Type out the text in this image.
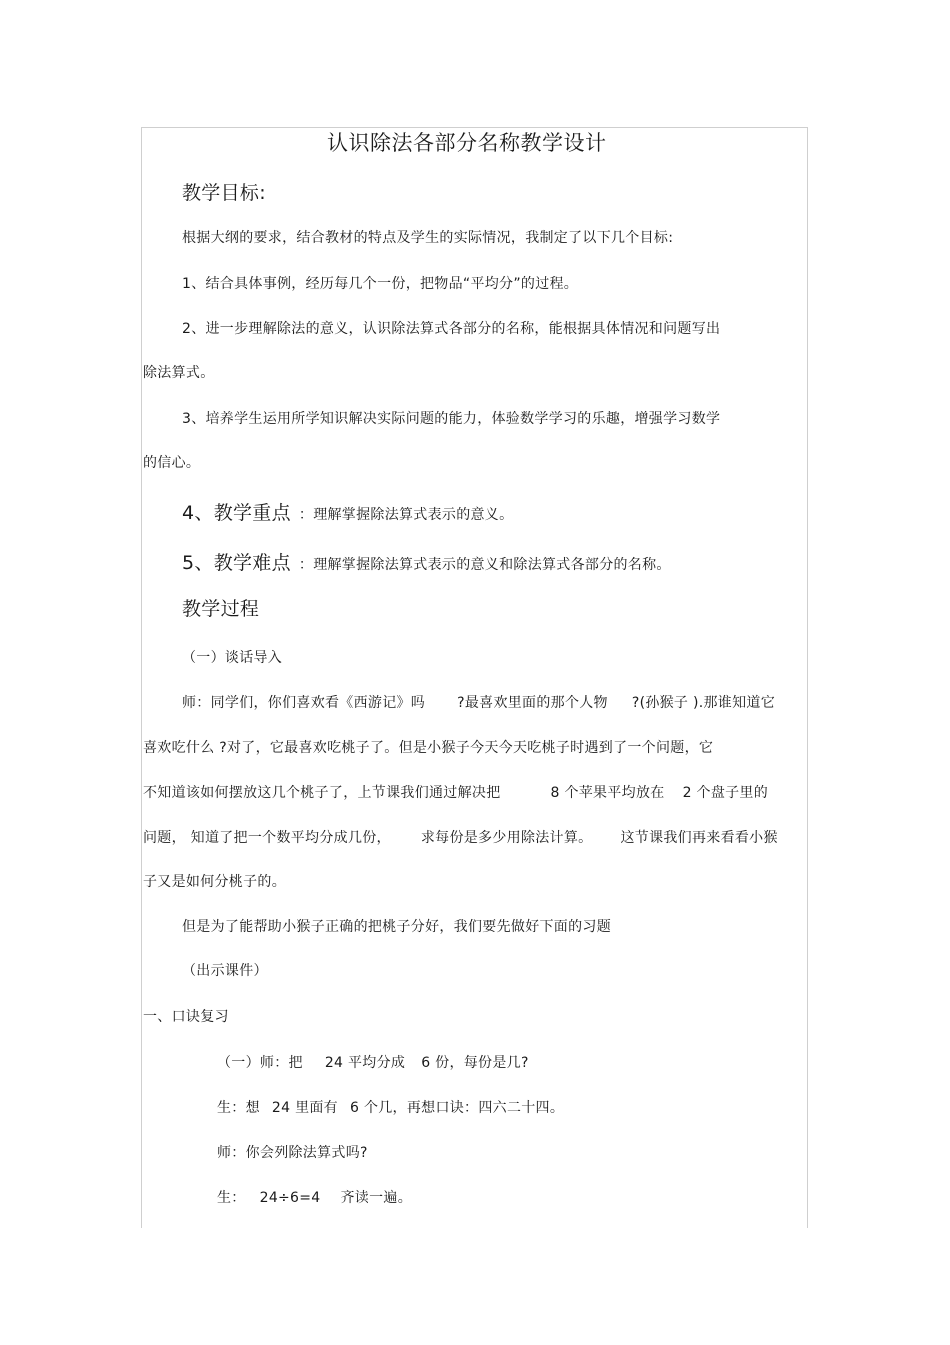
认识除法各部分名称教学设计
教学目标:
根据大纲的要求，结合教材的特点及学生的实际情况，我制定了以下几个目标:
1、结合具体事例，经历每几个一份，把物品“平均分”的过程。
2、进一步理解除法的意义，认识除法算式各部分的名称，能根据具体情况和问题写出
除法算式。
3、培养学生运用所学知识解决实际问题的能力，体验数学学习的乐趣，增强学习数学
的信心。
4、教学重点 ：理解掌握除法算式表示的意义。
5、教学难点 ：理解掌握除法算式表示的意义和除法算式各部分的名称。
教学过程
（一）谈话导入
师：同学们，你们喜欢看《西游记》吗 ?最喜欢里面的那个人物 ?(孙猴子 ).那谁知道它
喜欢吃什么 ?对了，它最喜欢吃桃子了。但是小猴子今天今天吃桃子时遇到了一个问题，它
不知道该如何摆放这几个桃子了，上节课我们通过解决把	8 个苹果平均放在 2 个盘子里的
问题， 知道了把一个数平均分成几份， 求每份是多少用除法计算。 这节课我们再来看看小猴
子又是如何分桃子的。
但是为了能帮助小猴子正确的把桃子分好，我们要先做好下面的习题
（出示课件）
一、口诀复习
（一）师：把 24 平均分成 6 份，每份是几?
生：想 24 里面有 6 个几，再想口诀：四六二十四。
师：你会列除法算式吗?
生： 24÷6=4 齐读一遍。
